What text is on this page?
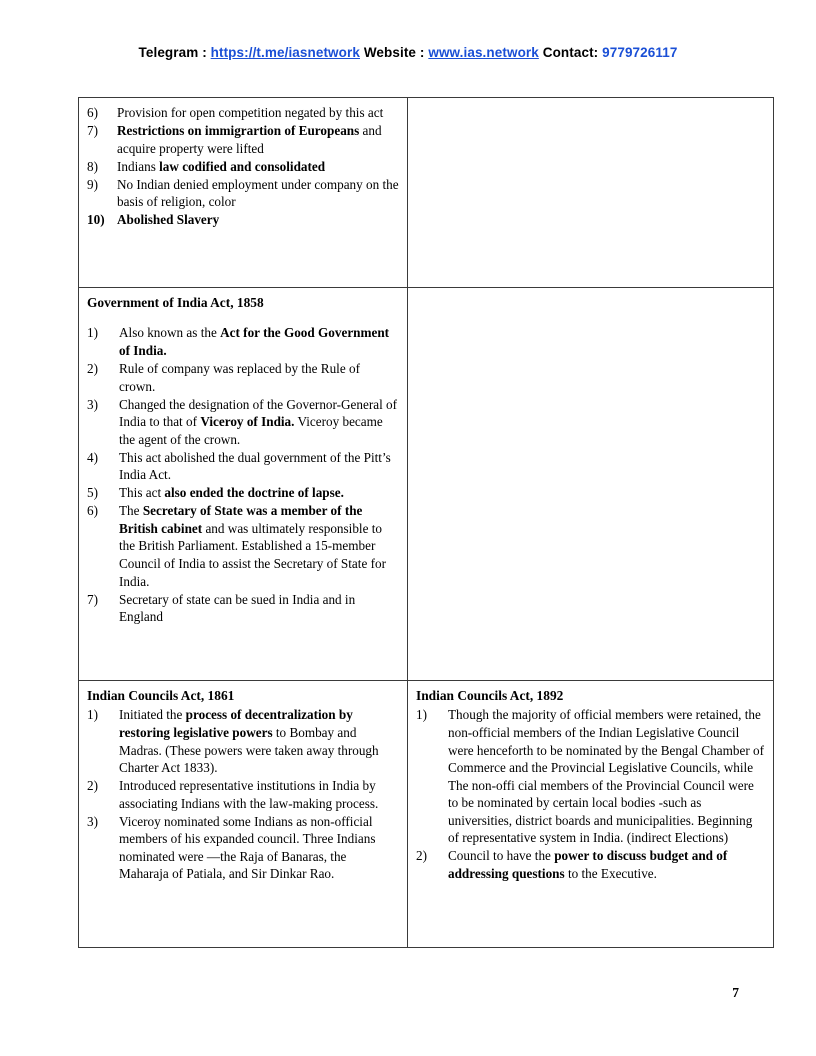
Telegram : https://t.me/iasnetwork Website : www.ias.network Contact: 9779726117
6)	Provision for open competition negated by this act
7)	Restrictions on immigrartion of Europeans and acquire property were lifted
8)	Indians law codified and consolidated
9)	No Indian denied employment under company on the basis of religion, color
10) Abolished Slavery

Government of India Act, 1858
1)	Also known as the Act for the Good Government of India.
2)	Rule of company was replaced by the Rule of crown.
3)	Changed the designation of the Governor-General of India to that of Viceroy of India. Viceroy became the agent of the crown.
4)	This act abolished the dual government of the Pitt’s India Act.
5)	This act also ended the doctrine of lapse.
6)	The Secretary of State was a member of the British cabinet and was ultimately responsible to the British Parliament. Established a 15-member Council of India to assist the Secretary of State for India.
7)	Secretary of state can be sued in India and in England

Indian Councils Act, 1861
1)	Initiated the process of decentralization by restoring legislative powers to Bombay and Madras. (These powers were taken away through Charter Act 1833).
2)	Introduced representative institutions in India by associating Indians with the law-making process.
3)	Viceroy nominated some Indians as non-official members of his expanded council. Three Indians nominated were —the Raja of Banaras, the Maharaja of Patiala, and Sir Dinkar Rao.

Indian Councils Act, 1892
1)	Though the majority of official members were retained, the non-official members of the Indian Legislative Council were henceforth to be nominated by the Bengal Chamber of Commerce and the Provincial Legislative Councils, while The non-offi cial members of the Provincial Council were to be nominated by certain local bodies -such as universities, district boards and municipalities. Beginning of representative system in India. (indirect Elections)
2)	Council to have the power to discuss budget and of addressing questions to the Executive.
7
